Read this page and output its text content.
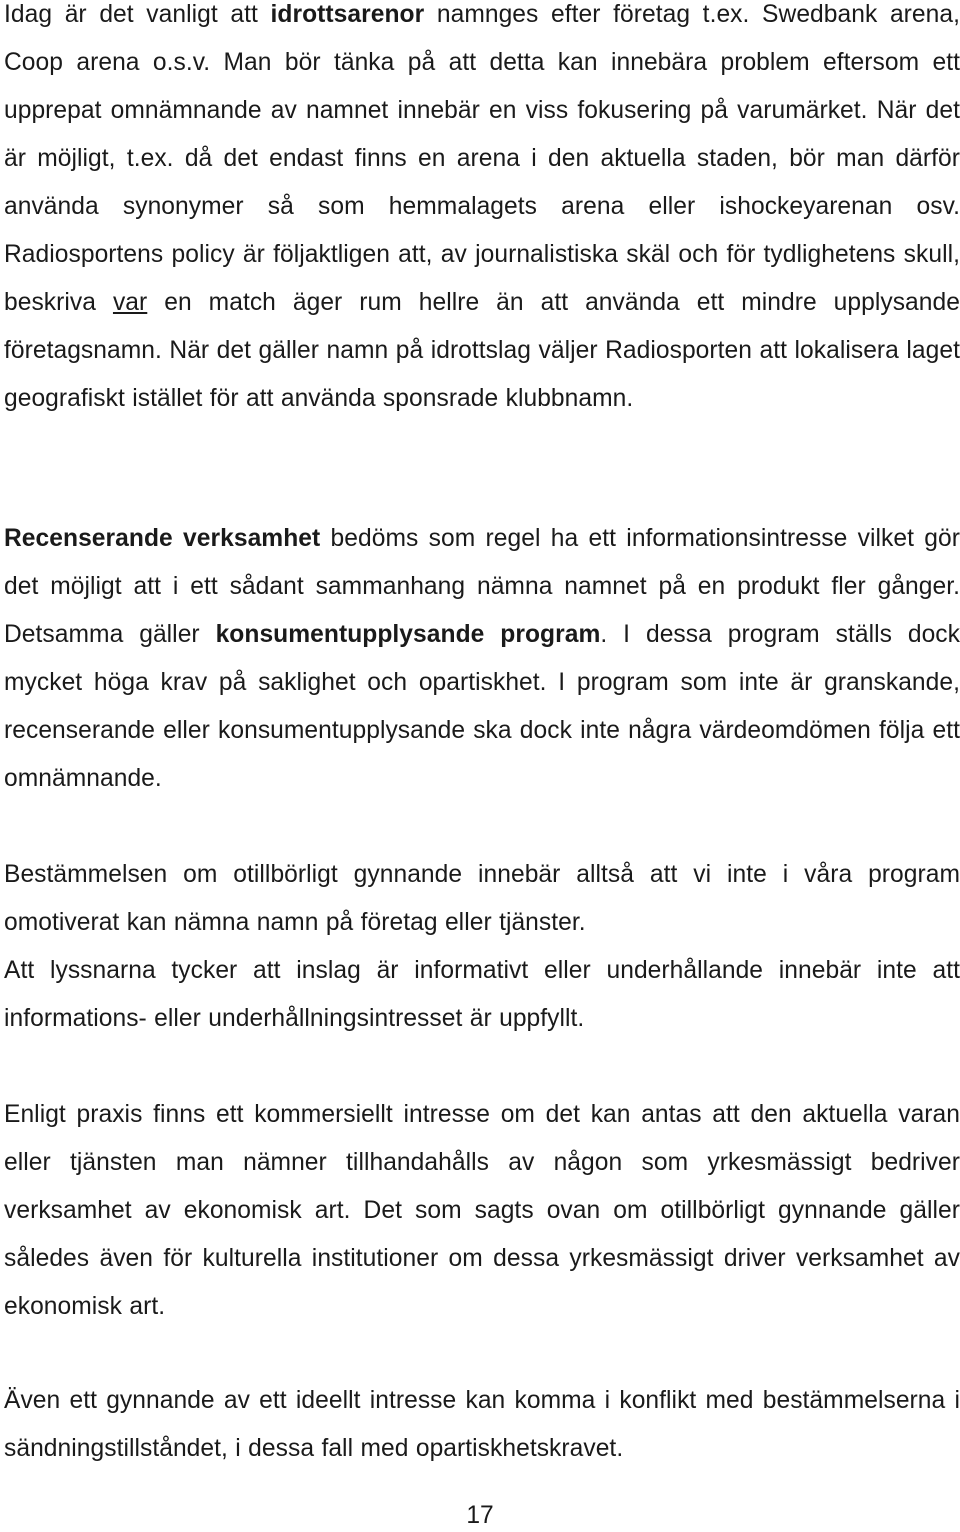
Idag är det vanligt att idrottsarenor namnges efter företag t.ex. Swedbank arena, Coop arena o.s.v. Man bör tänka på att detta kan innebära problem eftersom ett upprepat omnämnande av namnet innebär en viss fokusering på varumärket. När det är möjligt, t.ex. då det endast finns en arena i den aktuella staden, bör man därför använda synonymer så som hemmalagets arena eller ishockeyarenan osv. Radiosportens policy är följaktligen att, av journalistiska skäl och för tydlighetens skull, beskriva var en match äger rum hellre än att använda ett mindre upplysande företagsnamn. När det gäller namn på idrottslag väljer Radiosporten att lokalisera laget geografiskt istället för att använda sponsrade klubbnamn.

Recenserande verksamhet bedöms som regel ha ett informationsintresse vilket gör det möjligt att i ett sådant sammanhang nämna namnet på en produkt fler gånger. Detsamma gäller konsumentupplysande program. I dessa program ställs dock mycket höga krav på saklighet och opartiskhet. I program som inte är granskande, recenserande eller konsumentupplysande ska dock inte några värdeomdömen följa ett omnämnande.

Bestämmelsen om otillbörligt gynnande innebär alltså att vi inte i våra program omotiverat kan nämna namn på företag eller tjänster.

Att lyssnarna tycker att inslag är informativt eller underhållande innebär inte att informations- eller underhållningsintresset är uppfyllt.

Enligt praxis finns ett kommersiellt intresse om det kan antas att den aktuella varan eller tjänsten man nämner tillhandahålls av någon som yrkesmässigt bedriver verksamhet av ekonomisk art. Det som sagts ovan om otillbörligt gynnande gäller således även för kulturella institutioner om dessa yrkesmässigt driver verksamhet av ekonomisk art.

Även ett gynnande av ett ideellt intresse kan komma i konflikt med bestämmelserna i sändningstillståndet, i dessa fall med opartiskhetskravet.

17
